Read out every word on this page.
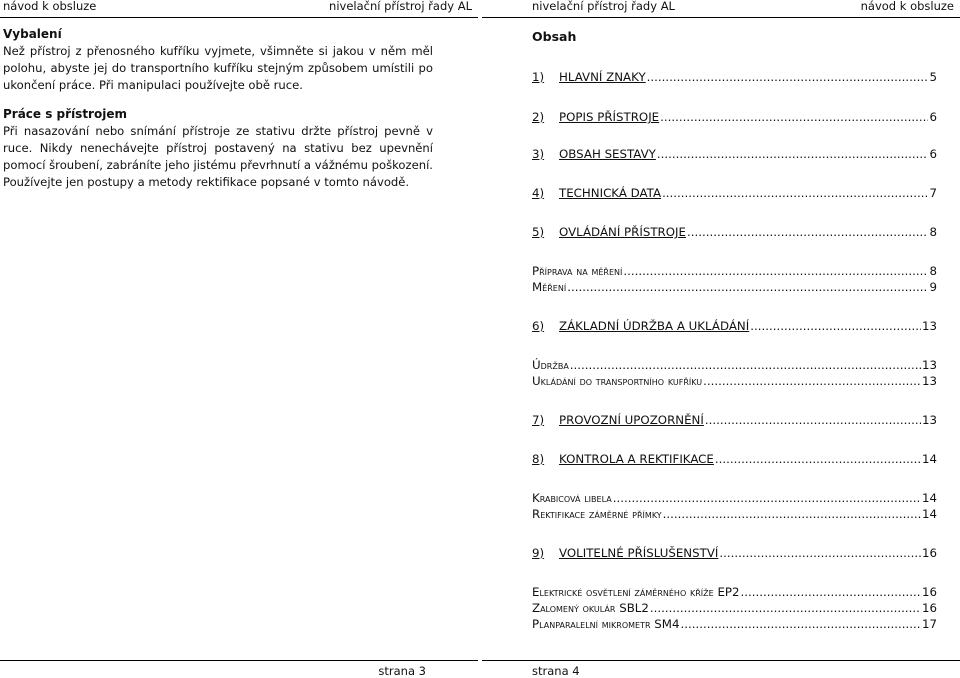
návod k obsluze	nivelační přístroj řady AL
Vybalení

Než přístroj z přenosného kufříku vyjmete, všimněte si jakou v něm měl polohu, abyste jej do transportního kufříku stejným způsobem umístili po ukončení práce. Při manipulaci používejte obě ruce.

Práce s přístrojem

Při nasazování nebo snímání přístroje ze stativu držte přístroj pevně v ruce. Nikdy nenechávejte přístroj postavený na stativu bez upevnění pomocí šroubení, zabráníte jeho jistému převrhnutí a vážnému poškození. Používejte jen postupy a metody rektifikace popsané v tomto návodě.

strana 3
nivelační přístroj řady AL	návod k obsluze
Obsah
1)	HLAVNÍ ZNAKY .....	5
2)	POPIS PŘÍSTROJE .....	6
3)	OBSAH SESTAVY .....	6
4)	TECHNICKÁ DATA .....	7
5)	OVLÁDÁNÍ PŘÍSTROJE .....	8
Příprava na měření .....	8
Měření .....	9
6)	ZÁKLADNÍ ÚDRŽBA A UKLÁDÁNÍ .....	13
Údržba .....	13
Ukládání do transportního kufříku .....	13
7)	PROVOZNÍ UPOZORNĚNÍ .....	13
8)	KONTROLA A REKTIFIKACE .....	14
Krabicová libela .....	14
Rektifikace záměrné přímky .....	14
9)	VOLITELNÉ PŘÍSLUŠENSTVÍ .....	16
Elektrické osvětlení záměrného kříže EP2 .....	16
Zalomený okulár SBL2 .....	16
Planparalelní mikrometr SM4 .....	17
strana 4
